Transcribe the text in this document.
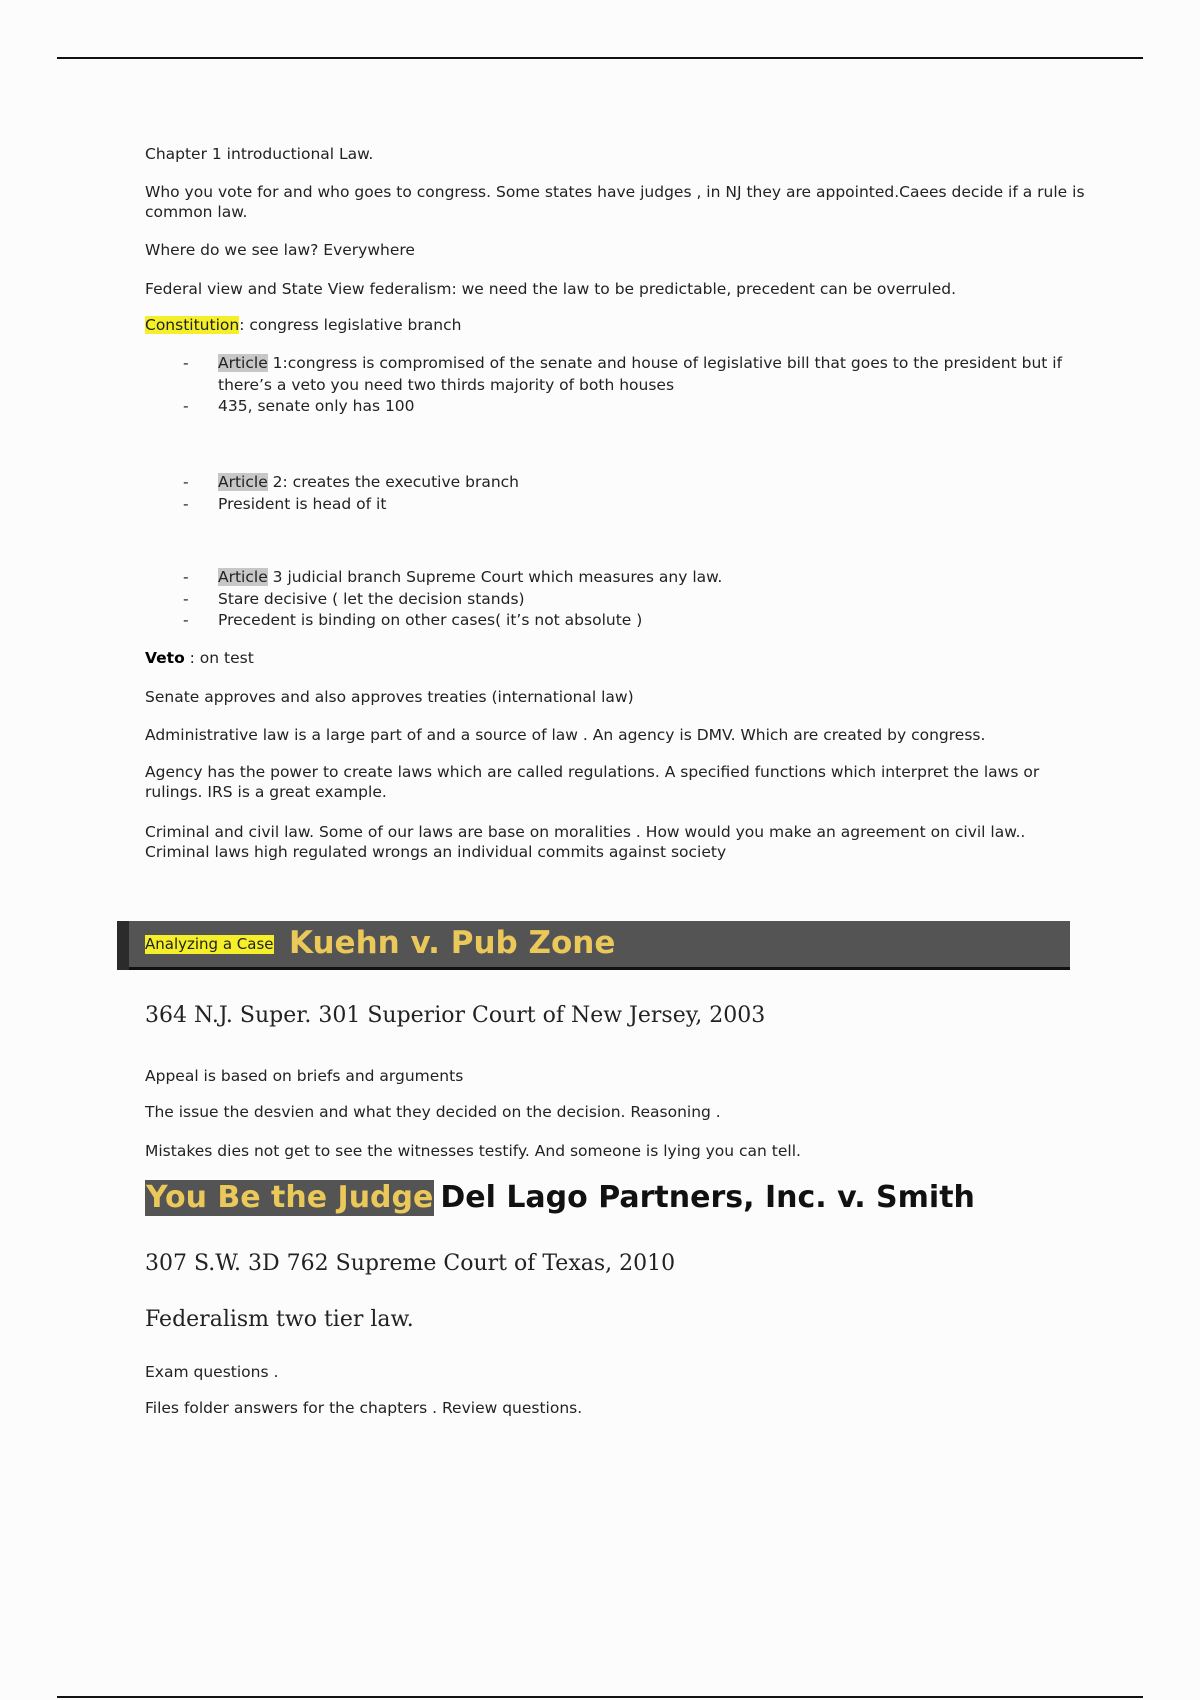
Chapter 1 introductional Law.

Who you vote for and who goes to congress. Some states have judges , in NJ they are appointed.Caees decide if a rule is common law.

Where do we see law? Everywhere

Federal view and State View federalism: we need the law to be predictable, precedent can be overruled.

Constitution: congress legislative branch

- Article 1:congress is compromised of the senate and house of legislative bill that goes to the president but if there’s a veto you need two thirds majority of both houses
- 435, senate only has 100
- Article 2: creates the executive branch
- President is head of it
- Article 3 judicial branch Supreme Court which measures any law.
- Stare decisive ( let the decision stands)
- Precedent is binding on other cases( it’s not absolute )

Veto : on test

Senate approves and also approves treaties (international law)

Administrative law is a large part of and a source of law . An agency is DMV. Which are created by congress.

Agency has the power to create laws which are called regulations. A specified functions which interpret the laws or rulings. IRS is a great example.

Criminal and civil law. Some of our laws are base on moralities . How would you make an agreement on civil law.. Criminal laws high regulated wrongs an individual commits against society

Analyzing a Case Kuehn v. Pub Zone

364 N.J. Super. 301 Superior Court of New Jersey, 2003

Appeal is based on briefs and arguments

The issue the desvien and what they decided on the decision. Reasoning .

Mistakes dies not get to see the witnesses testify. And someone is lying you can tell.

You Be the Judge Del Lago Partners, Inc. v. Smith

307 S.W. 3D 762 Supreme Court of Texas, 2010

Federalism two tier law.

Exam questions .

Files folder answers for the chapters . Review questions.
